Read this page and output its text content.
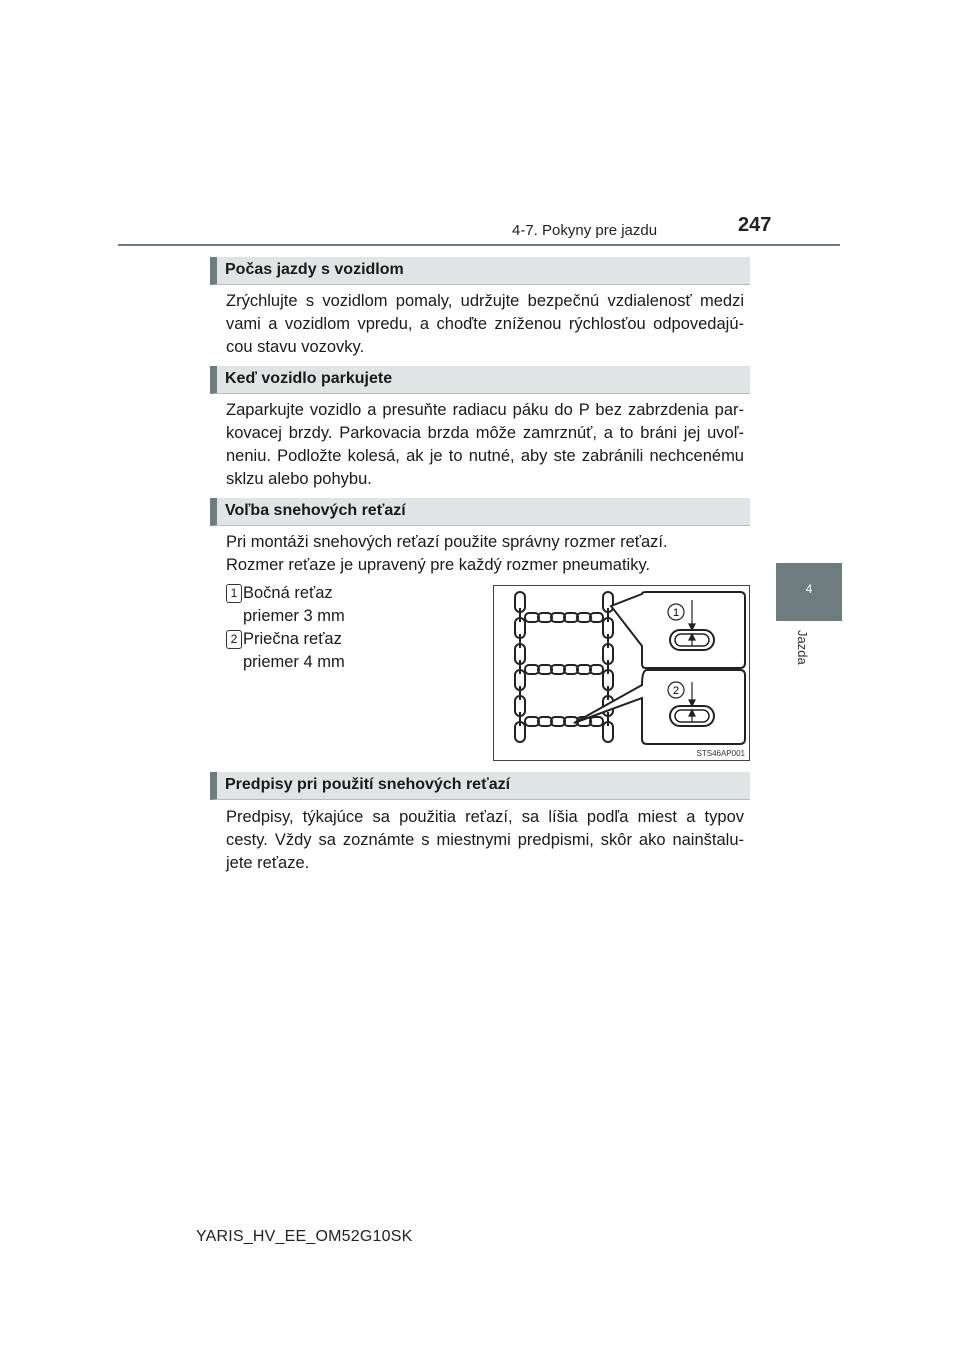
4-7. Pokyny pre jazdu	247
4
Jazda
Počas jazdy s vozidlom
Zrýchlujte s vozidlom pomaly, udržujte bezpečnú vzdialenosť medzi
vami a vozidlom vpredu, a choďte zníženou rýchlosťou odpovedajú-
cou stavu vozovky.
Keď vozidlo parkujete
Zaparkujte vozidlo a presuňte radiacu páku do P bez zabrzdenia par-
kovacej brzdy. Parkovacia brzda môže zamrznúť, a to bráni jej uvoľ-
neniu. Podložte kolesá, ak je to nutné, aby ste zabránili nechcenému
sklzu alebo pohybu.
Voľba snehových reťazí
Pri montáži snehových reťazí použite správny rozmer reťazí.
Rozmer reťaze je upravený pre každý rozmer pneumatiky.
1 Bočná reťaz
priemer 3 mm
2 Priečna reťaz
priemer 4 mm
1
2
STS46AP001
Predpisy pri použití snehových reťazí
Predpisy, týkajúce sa použitia reťazí, sa líšia podľa miest a typov
cesty. Vždy sa zoznámte s miestnymi predpismi, skôr ako nainštalu-
jete reťaze.
YARIS_HV_EE_OM52G10SK
